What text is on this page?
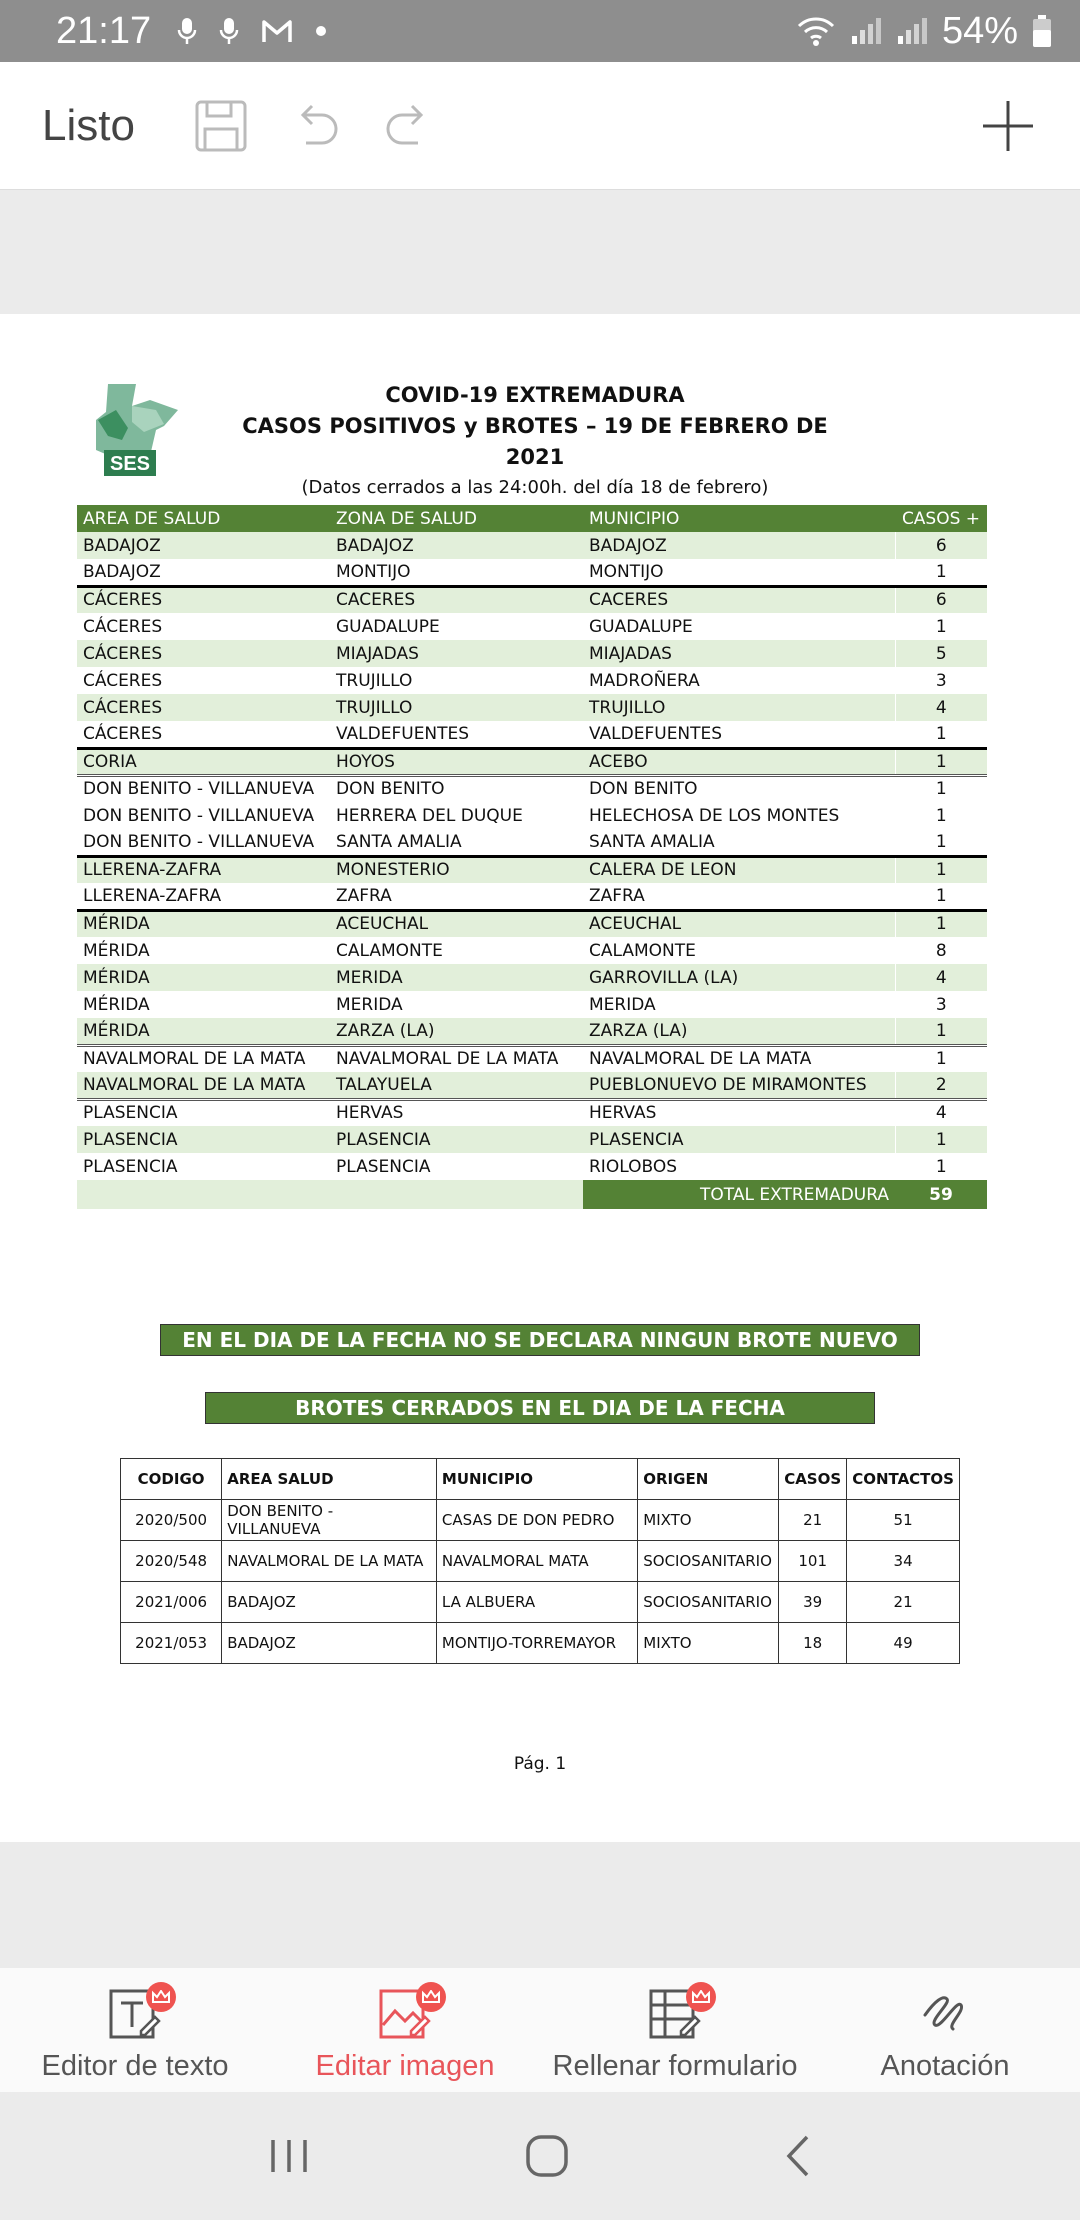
21:17	54%
Listo
SES
COVID-19 EXTREMADURA
CASOS POSITIVOS y BROTES – 19 DE FEBRERO DE 2021
(Datos cerrados a las 24:00h. del día 18 de febrero)
AREA DE SALUD	ZONA DE SALUD	MUNICIPIO	CASOS +
BADAJOZ	BADAJOZ	BADAJOZ	6
BADAJOZ	MONTIJO	MONTIJO	1
CÁCERES	CACERES	CACERES	6
CÁCERES	GUADALUPE	GUADALUPE	1
CÁCERES	MIAJADAS	MIAJADAS	5
CÁCERES	TRUJILLO	MADROÑERA	3
CÁCERES	TRUJILLO	TRUJILLO	4
CÁCERES	VALDEFUENTES	VALDEFUENTES	1
CORIA	HOYOS	ACEBO	1
DON BENITO - VILLANUEVA	DON BENITO	DON BENITO	1
DON BENITO - VILLANUEVA	HERRERA DEL DUQUE	HELECHOSA DE LOS MONTES	1
DON BENITO - VILLANUEVA	SANTA AMALIA	SANTA AMALIA	1
LLERENA-ZAFRA	MONESTERIO	CALERA DE LEON	1
LLERENA-ZAFRA	ZAFRA	ZAFRA	1
MÉRIDA	ACEUCHAL	ACEUCHAL	1
MÉRIDA	CALAMONTE	CALAMONTE	8
MÉRIDA	MERIDA	GARROVILLA (LA)	4
MÉRIDA	MERIDA	MERIDA	3
MÉRIDA	ZARZA (LA)	ZARZA (LA)	1
NAVALMORAL DE LA MATA	NAVALMORAL DE LA MATA	NAVALMORAL DE LA MATA	1
NAVALMORAL DE LA MATA	TALAYUELA	PUEBLONUEVO DE MIRAMONTES	2
PLASENCIA	HERVAS	HERVAS	4
PLASENCIA	PLASENCIA	PLASENCIA	1
PLASENCIA	PLASENCIA	RIOLOBOS	1
		TOTAL EXTREMADURA	59
EN EL DIA DE LA FECHA NO SE DECLARA NINGUN BROTE NUEVO
BROTES CERRADOS EN EL DIA DE LA FECHA
CODIGO	AREA SALUD	MUNICIPIO	ORIGEN	CASOS	CONTACTOS
2020/500	DON BENITO - VILLANUEVA	CASAS DE DON PEDRO	MIXTO	21	51
2020/548	NAVALMORAL DE LA MATA	NAVALMORAL MATA	SOCIOSANITARIO	101	34
2021/006	BADAJOZ	LA ALBUERA	SOCIOSANITARIO	39	21
2021/053	BADAJOZ	MONTIJO-TORREMAYOR	MIXTO	18	49
Pág. 1
Editor de texto	Editar imagen Rellenar formulario	Anotación
